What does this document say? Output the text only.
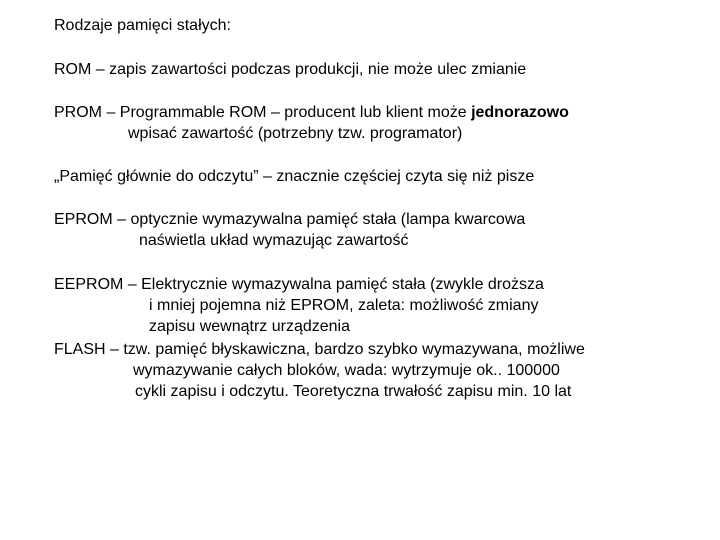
Rodzaje pamięci stałych:
ROM – zapis zawartości podczas produkcji, nie może ulec zmianie
PROM – Programmable ROM – producent lub klient może jednorazowo
wpisać zawartość (potrzebny tzw. programator)
„Pamięć głównie do odczytu” – znacznie częściej czyta się niż pisze
EPROM – optycznie wymazywalna pamięć stała (lampa kwarcowa
naświetla układ wymazując zawartość
EEPROM – Elektrycznie wymazywalna pamięć stała (zwykle droższa
i mniej pojemna niż EPROM, zaleta: możliwość zmiany
zapisu wewnątrz urządzenia
FLASH – tzw. pamięć błyskawiczna, bardzo szybko wymazywana, możliwe
wymazywanie całych bloków, wada: wytrzymuje ok.. 100000
cykli zapisu i odczytu. Teoretyczna trwałość zapisu min. 10 lat
